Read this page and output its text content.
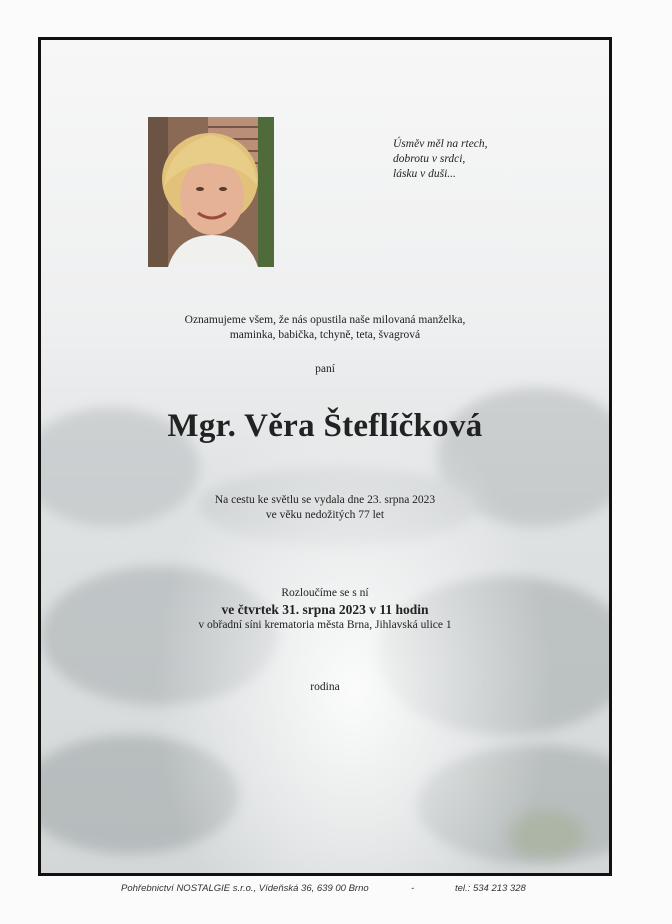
Úsměv měl na rtech,
dobrotu v srdci,
lásku v duši...
Oznamujeme všem, že nás opustila naše milovaná manželka,
maminka, babička, tchyně, teta, švagrová
paní
Mgr. Věra Šteflíčková
Na cestu ke světlu se vydala dne 23. srpna 2023
ve věku nedožitých 77 let
Rozloučíme se s ní
ve čtvrtek 31. srpna 2023 v 11 hodin
v obřadní síni krematoria města Brna, Jihlavská ulice 1
rodina
Pohřebnictví NOSTALGIE s.r.o., Vídeňská 36, 639 00 Brno	-	tel.: 534 213 328
